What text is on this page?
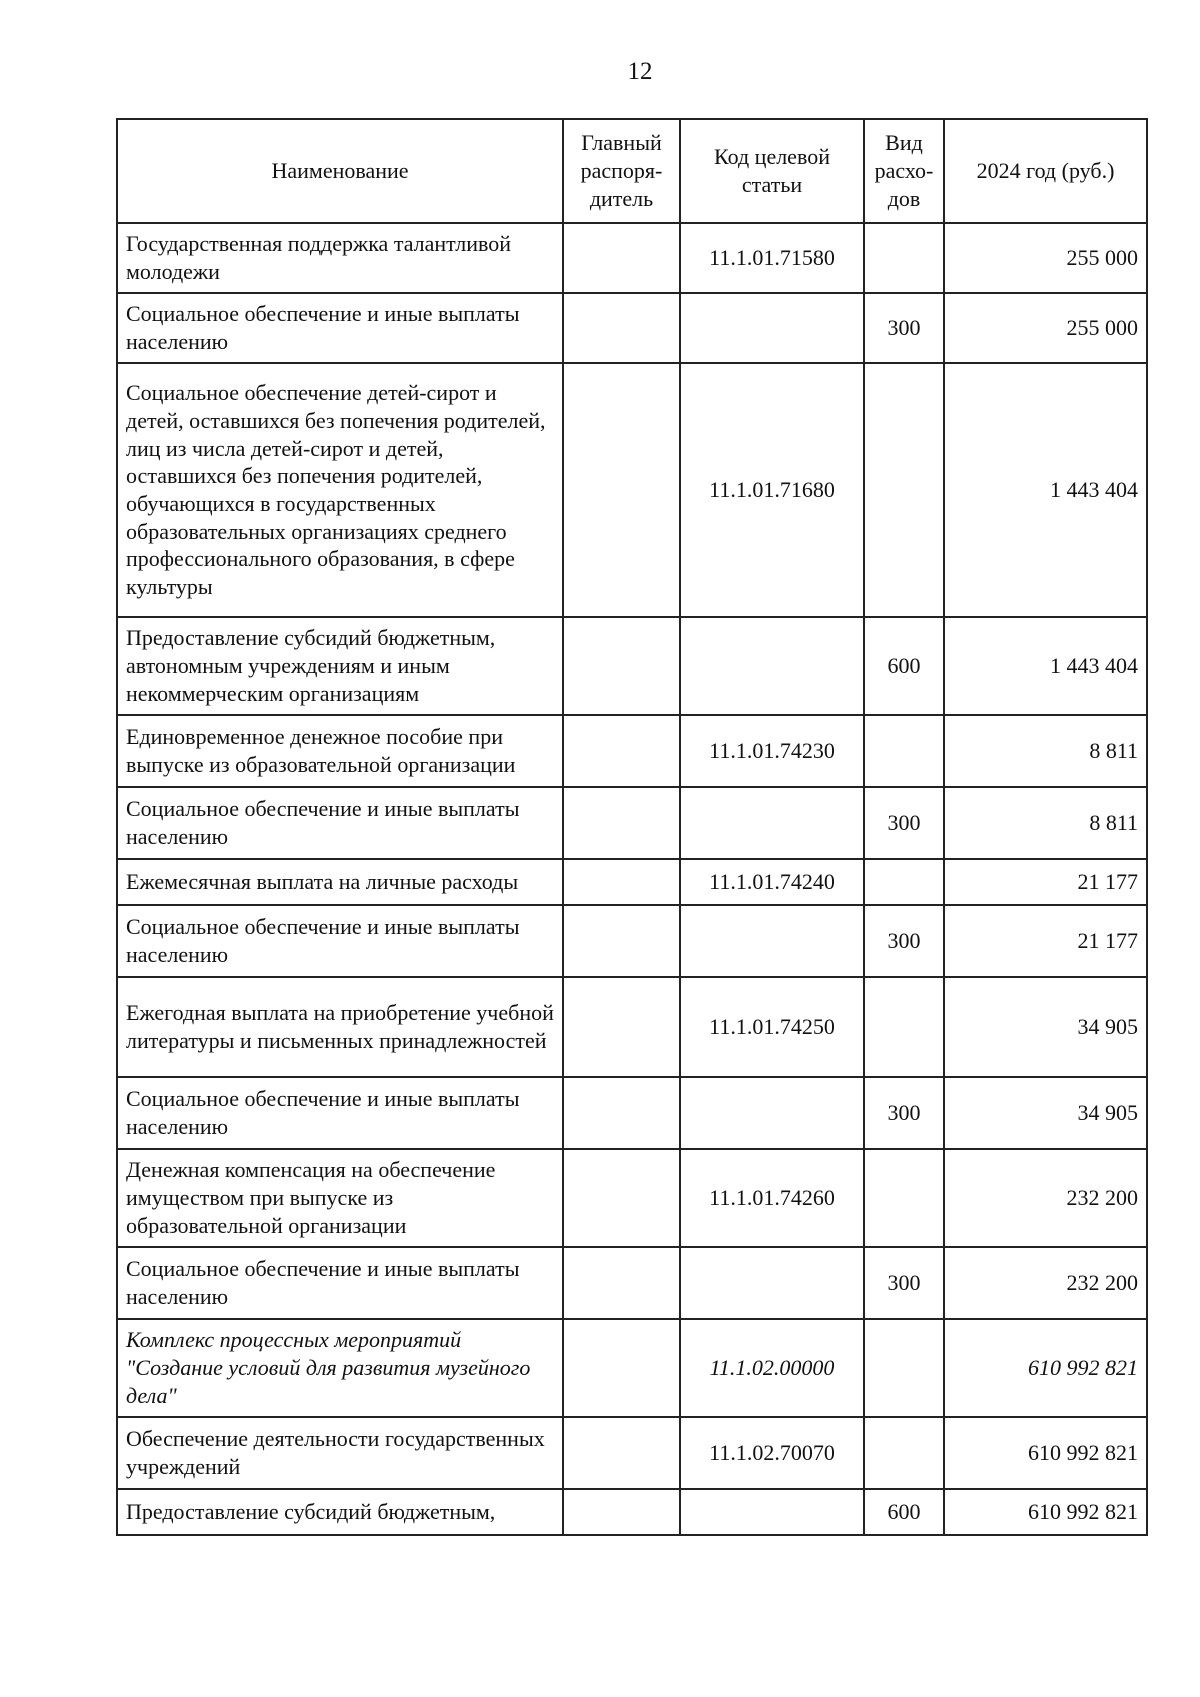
12
Наименование	Главный распоря-дитель	Код целевой статьи	Вид расхо-дов	2024 год (руб.)
Государственная поддержка талантливой молодежи		11.1.01.71580		255 000
Социальное обеспечение и иные выплаты населению			300	255 000
Социальное обеспечение детей-сирот и детей, оставшихся без попечения родителей, лиц из числа детей-сирот и детей, оставшихся без попечения родителей, обучающихся в государственных образовательных организациях среднего профессионального образования, в сфере культуры		11.1.01.71680		1 443 404
Предоставление субсидий бюджетным, автономным учреждениям и иным некоммерческим организациям			600	1 443 404
Единовременное денежное пособие при выпуске из образовательной организации		11.1.01.74230		8 811
Социальное обеспечение и иные выплаты населению			300	8 811
Ежемесячная выплата на личные расходы		11.1.01.74240		21 177
Социальное обеспечение и иные выплаты населению			300	21 177
Ежегодная выплата на приобретение учебной литературы и письменных принадлежностей		11.1.01.74250		34 905
Социальное обеспечение и иные выплаты населению			300	34 905
Денежная компенсация на обеспечение имуществом при выпуске из образовательной организации		11.1.01.74260		232 200
Социальное обеспечение и иные выплаты населению			300	232 200
Комплекс процессных мероприятий "Создание условий для развития музейного дела"		11.1.02.00000		610 992 821
Обеспечение деятельности государственных учреждений		11.1.02.70070		610 992 821
Предоставление субсидий бюджетным,			600	610 992 821
